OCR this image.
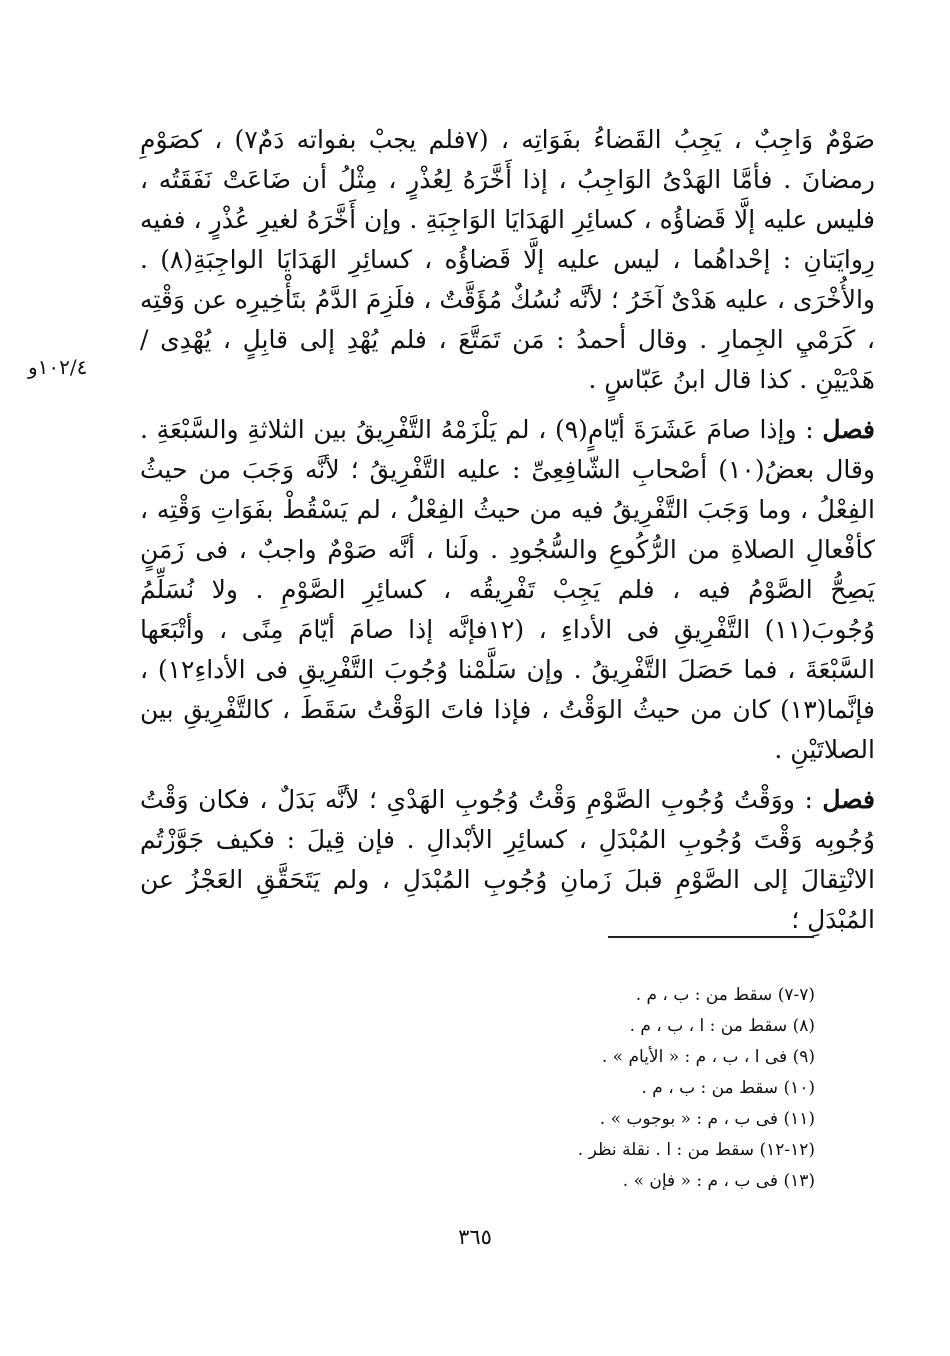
صَوْمٌ وَاجِبٌ ، يَجِبُ القَضاءُ بفَوَاتِه ، (٧فلم يجبْ بفواته دَمٌ٧) ، كصَوْمِ رمضانَ . فأمَّا الهَدْىُ الوَاجِبُ ، إذا أَخَّرَهُ لِعُذْرٍ ، مِثْلُ أن ضَاعَتْ نَفَقَتُه ، فليس عليه إلَّا قَضاؤُه ، كسائِرِ الهَدَايَا الوَاجِبَةِ . وإن أَخَّرَهُ لغيرِ عُذْرٍ ، ففيه رِوايَتانِ : إحْداهُما ، ليس عليه إلَّا قَضاؤُه ، كسائِرِ الهَدَايَا الواجِبَةِ(٨) . والأُخْرَى ، عليه هَدْىٌ آخَرُ ؛ لأنَّه نُسُكٌ مُؤَقَّتٌ ، فلَزِمَ الدَّمُ بتَأْخِيرِه عن وَقْتِه ، كَرَمْيِ الجِمارِ . وقال أحمدُ : مَن تَمَتَّعَ ، فلم يُهْدِ إلى قابِلٍ ، يُهْدِى / هَدْيَيْنِ . كذا قال ابنُ عَبّاسٍ .

فصل : وإذا صامَ عَشَرَةَ أيّامٍ(٩) ، لم يَلْزَمْهُ التَّفْرِيقُ بين الثلاثةِ والسَّبْعَةِ . وقال بعضُ(١٠) أصْحابِ الشّافِعِىِّ : عليه التَّفْرِيقُ ؛ لأنَّه وَجَبَ من حيثُ الفِعْلُ ، وما وَجَبَ التَّفْرِيقُ فيه من حيثُ الفِعْلُ ، لم يَسْقُطْ بفَوَاتِ وَقْتِه ، كأفْعالِ الصلاةِ من الرُّكُوعِ والسُّجُودِ . ولَنا ، أنَّه صَوْمٌ واجبٌ ، فى زَمَنٍ يَصِحُّ الصَّوْمُ فيه ، فلم يَجِبْ تَفْرِيقُه ، كسائِرِ الصَّوْمِ . ولا نُسَلِّمُ وُجُوبَ(١١) التَّفْرِيقِ فى الأداءِ ، (١٢فإنَّه إذا صامَ أيّامَ مِنًى ، وأتْبَعَها السَّبْعَةَ ، فما حَصَلَ التَّفْرِيقُ . وإن سَلَّمْنا وُجُوبَ التَّفْرِيقِ فى الأداءِ١٢) ، فإنَّما(١٣) كان من حيثُ الوَقْتُ ، فإذا فاتَ الوَقْتُ سَقَطَ ، كالتَّفْرِيقِ بين الصلاتَيْنِ .

فصل : ووَقْتُ وُجُوبِ الصَّوْمِ وَقْتُ وُجُوبِ الهَدْىِ ؛ لأنَّه بَدَلٌ ، فكان وَقْتُ وُجُوبِه وَقْتَ وُجُوبِ المُبْدَلِ ، كسائِرِ الأبْدالِ . فإن قِيلَ : فكيف جَوَّزْتُم الانْتِقالَ إلى الصَّوْمِ قبلَ زَمانِ وُجُوبِ المُبْدَلِ ، ولم يَتَحَقَّقِ العَجْزُ عن المُبْدَلِ ؛

١٠٢/٤و

(٧-٧) سقط من : ب ، م .

(٨) سقط من : ا ، ب ، م .

(٩) فى ا ، ب ، م : « الأيام » .

(١٠) سقط من : ب ، م .

(١١) فى ب ، م : « بوجوب » .

(١٢-١٢) سقط من : ا . نقلة نظر .

(١٣) فى ب ، م : « فإن » .

٣٦٥
